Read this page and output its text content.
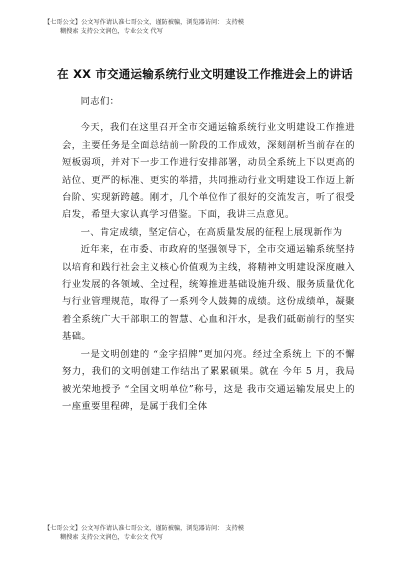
【七哥公文】公文写作请认准七哥公文，谨防被骗，浏览器访问： 支持模
糊搜索 支持公文润色，专业公文 代写
在 XX 市交通运输系统行业文明建设工作推进会上的讲话

同志们：

今天，我们在这里召开全市交通运输系统行业文明建设工作推进会，主要任务是全面总结前一阶段的工作成效，深刻剖析当前存在的短板弱项，并对下一步工作进行安排部署，动员全系统上下以更高的站位、更严的标准、更实的举措，共同推动行业文明建设工作迈上新台阶、实现新跨越。刚才，几个单位作了很好的交流发言，听了很受启发，希望大家认真学习借鉴。下面，我讲三点意见。

一、肯定成绩，坚定信心，在高质量发展的征程上展现新作为

近年来，在市委、市政府的坚强领导下，全市交通运输系统坚持以培育和践行社会主义核心价值观为主线，将精神文明建设深度融入行业发展的各领域、全过程，统筹推进基础设施升级、服务质量优化与行业管理规范，取得了一系列令人鼓舞的成绩。这份成绩单，凝聚着全系统广大干部职工的智慧、心血和汗水，是我们砥砺前行的坚实基础。

一是文明创建的 “金字招牌”更加闪亮。经过全系统上 下的不懈努力，我们的文明创建工作结出了累累硕果。就在 今年 5 月，我局被光荣地授予 “全国文明单位”称号，这是 我市交通运输发展史上的一座重要里程碑，是属于我们全体

【七哥公文】公文写作请认准七哥公文，谨防被骗，浏览器访问： 支持模
糊搜索 支持公文润色，专业公文 代写
